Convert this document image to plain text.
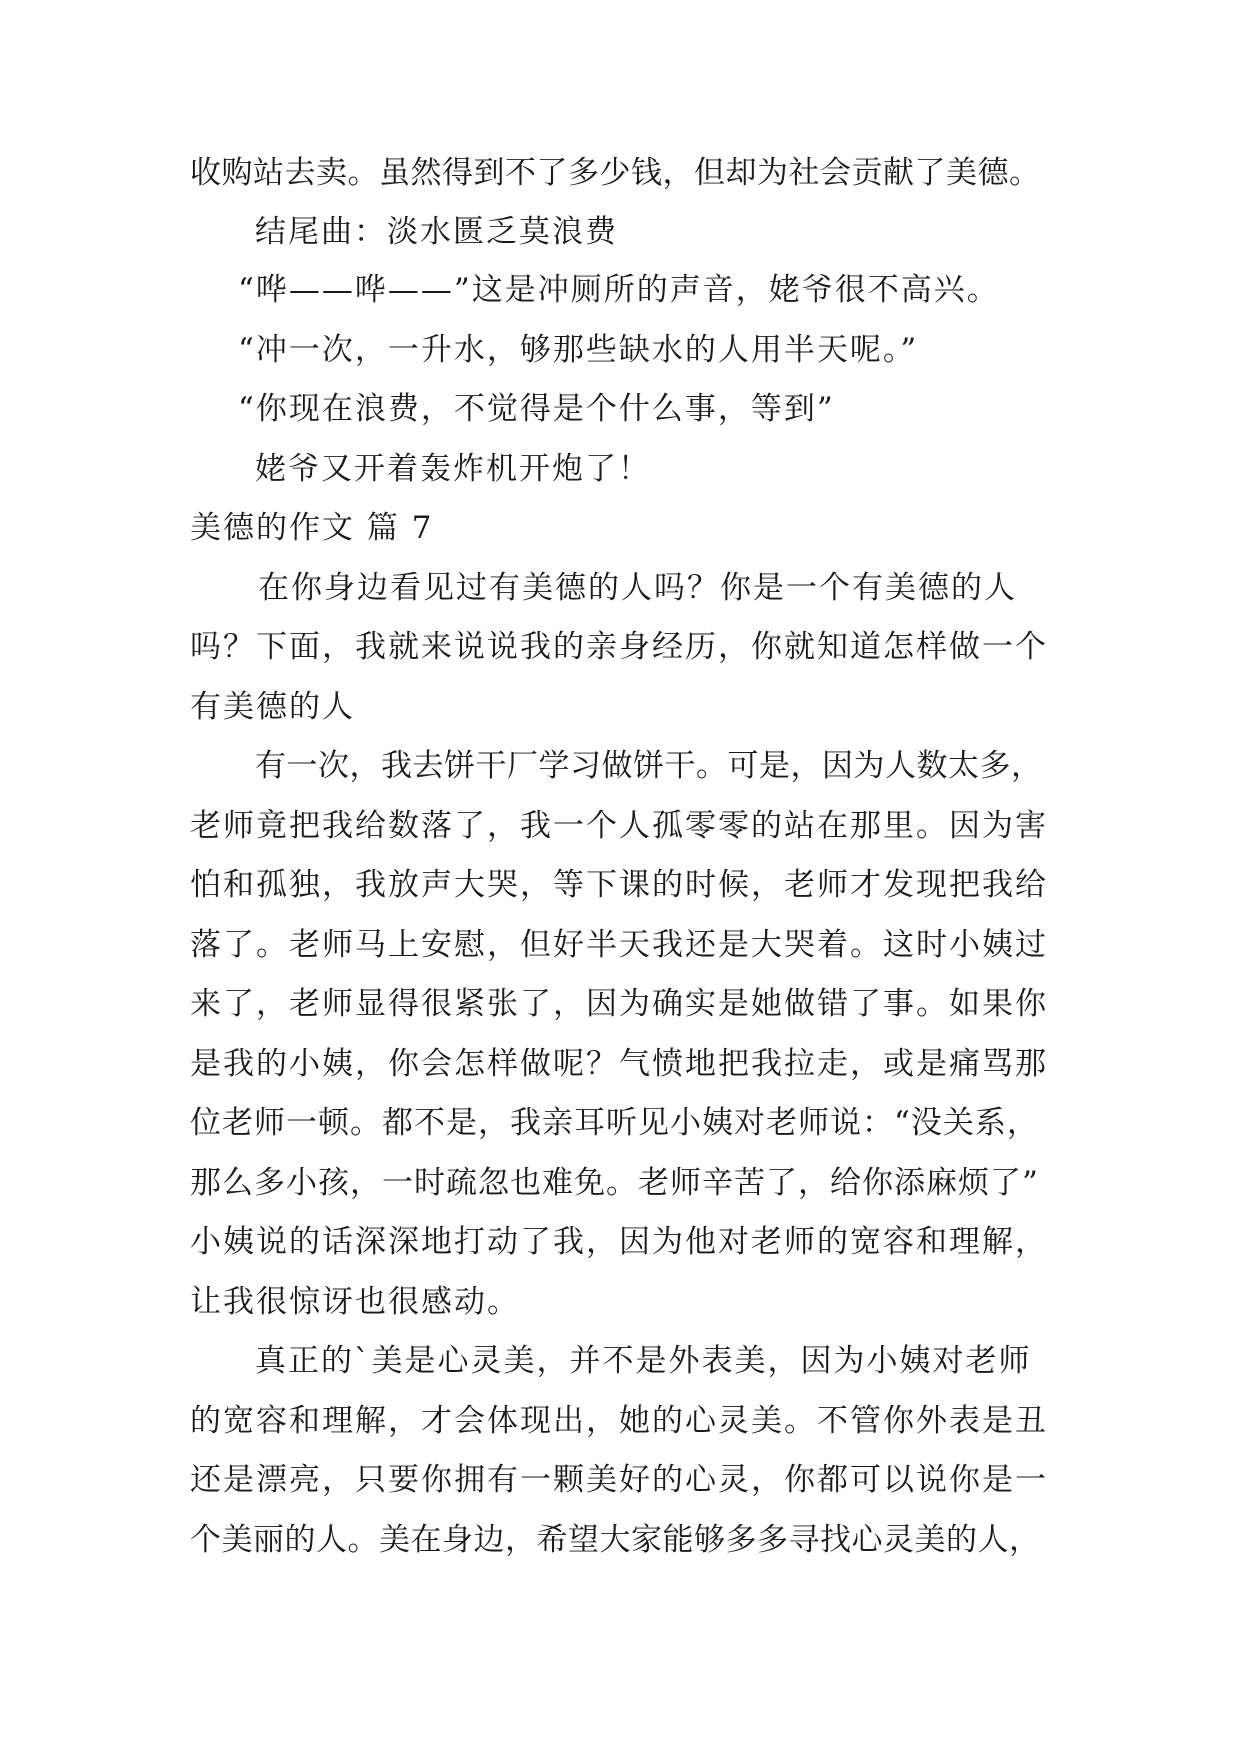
收购站去卖。虽然得到不了多少钱，但却为社会贡献了美德。
结尾曲：淡水匮乏莫浪费
“哗——哗——”这是冲厕所的声音，姥爷很不高兴。
“冲一次，一升水，够那些缺水的人用半天呢。”
“你现在浪费，不觉得是个什么事，等到”
姥爷又开着轰炸机开炮了！
美德的作文 篇 7
在你身边看见过有美德的人吗？你是一个有美德的人
吗？下面，我就来说说我的亲身经历，你就知道怎样做一个
有美德的人
有一次，我去饼干厂学习做饼干。可是，因为人数太多，
老师竟把我给数落了，我一个人孤零零的站在那里。因为害
怕和孤独，我放声大哭，等下课的时候，老师才发现把我给
落了。老师马上安慰，但好半天我还是大哭着。这时小姨过
来了，老师显得很紧张了，因为确实是她做错了事。如果你
是我的小姨，你会怎样做呢？气愤地把我拉走，或是痛骂那
位老师一顿。都不是，我亲耳听见小姨对老师说：“没关系，
那么多小孩，一时疏忽也难免。老师辛苦了，给你添麻烦了”
小姨说的话深深地打动了我，因为他对老师的宽容和理解，
让我很惊讶也很感动。
真正的`美是心灵美，并不是外表美，因为小姨对老师
的宽容和理解，才会体现出，她的心灵美。不管你外表是丑
还是漂亮，只要你拥有一颗美好的心灵，你都可以说你是一
个美丽的人。美在身边，希望大家能够多多寻找心灵美的人，
